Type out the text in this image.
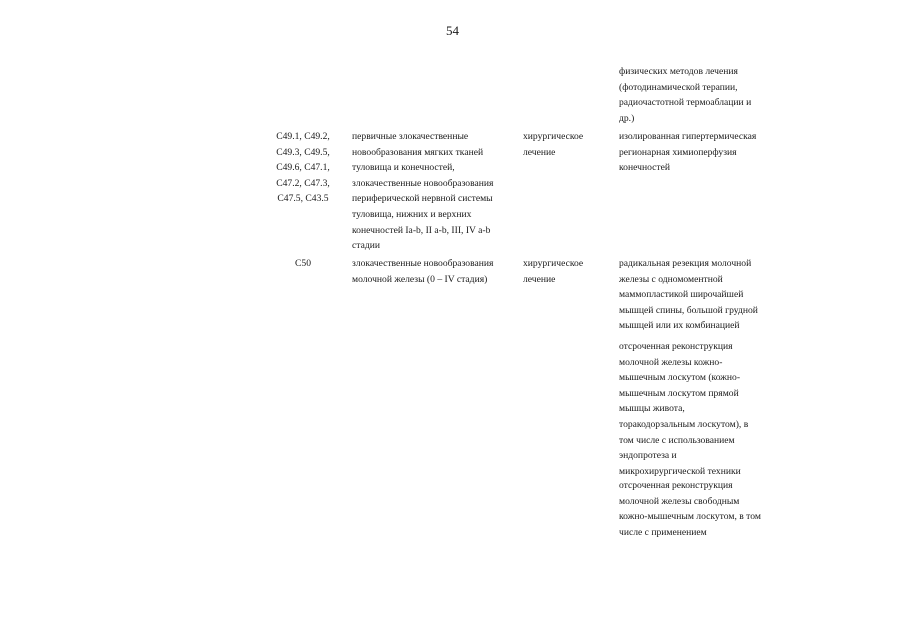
54
физических методов лечения
(фотодинамической терапии,
радиочастотной термоаблации и
др.)
C49.1, C49.2,
C49.3, C49.5,
C49.6, C47.1,
C47.2, C47.3,
C47.5, C43.5
первичные злокачественные
новообразования мягких тканей
туловища и конечностей,
злокачественные новообразования
периферической нервной системы
туловища, нижних и верхних
конечностей Ia-b, II a-b, III, IV a-b
стадии
хирургическое
лечение
изолированная гипертермическая
регионарная химиоперфузия
конечностей
C50	злокачественные новообразования
молочной железы (0 – IV стадия)
хирургическое
лечение
радикальная резекция молочной
железы с одномоментной
маммопластикой широчайшей
мышцей спины, большой грудной
мышцей или их комбинацией
отсроченная реконструкция
молочной железы кожно-
мышечным лоскутом (кожно-
мышечным лоскутом прямой
мышцы живота,
торакодорзальным лоскутом), в
том числе с использованием
эндопротеза и
микрохирургической техники
отсроченная реконструкция
молочной железы свободным
кожно-мышечным лоскутом, в том
числе с применением
